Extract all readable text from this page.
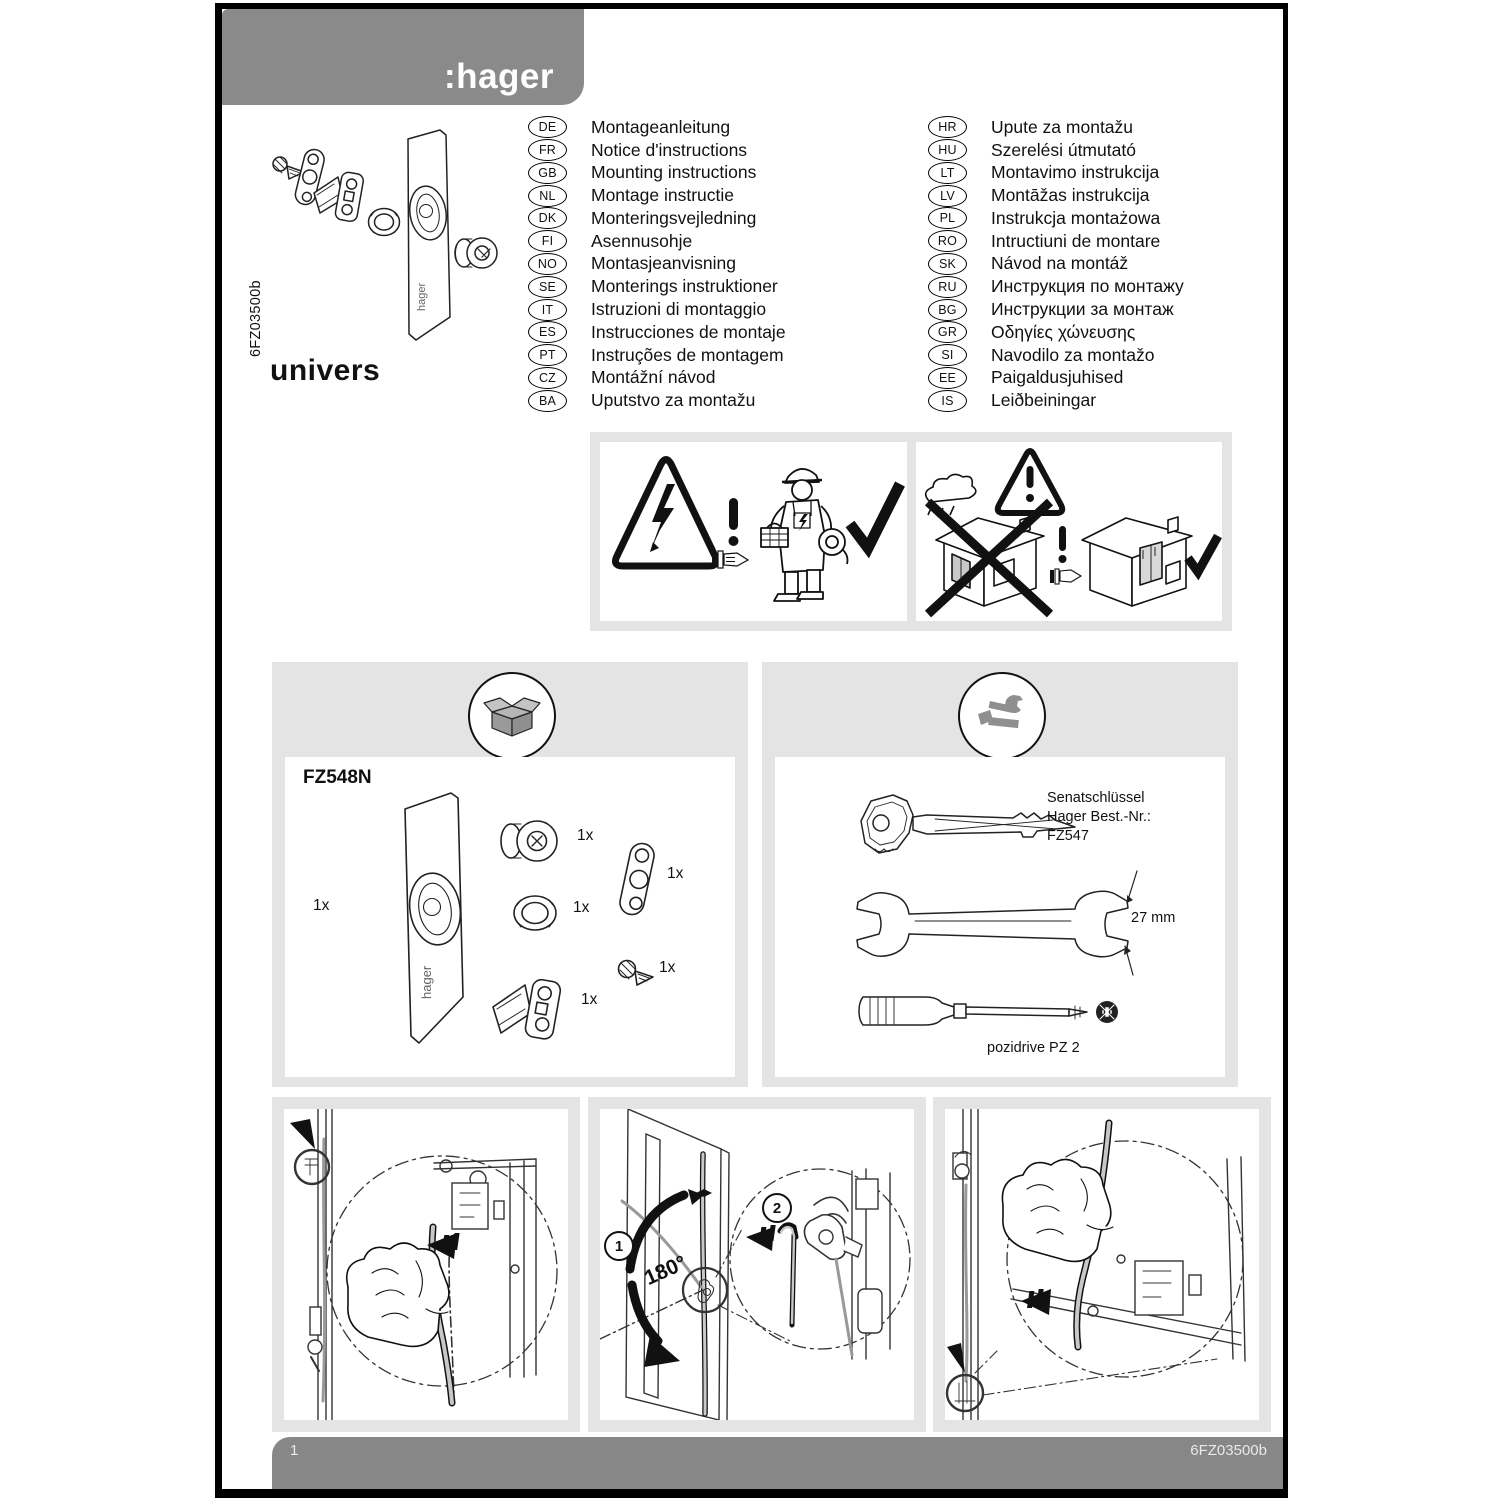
:hager
6FZ03500b	hager
univers
DE	Montageanleitung
FR	Notice d'instructions
GB	Mounting instructions
NL	Montage instructie
DK	Monteringsvejledning
FI	Asennusohje
NO	Montasjeanvisning
SE	Monterings instruktioner
IT	Istruzioni di montaggio
ES	Instrucciones de montaje
PT	Instruções de montagem
CZ	Montážní návod
BA	Uputstvo za montažu
HR	Upute za montažu
HU	Szerelési útmutató
LT	Montavimo instrukcija
LV	Montāžas instrukcija
PL	Instrukcja montażowa
RO	Intructiuni de montare
SK	Návod na montáž
RU	Инструкция по монтажу
BG	Инструкции за монтаж
GR	Οδηγίες χώνευσης
SI	Navodilo za montažo
EE	Paigaldusjuhised
IS	Leiðbeiningar
FZ548N
hager
1x
1x
1x
1x
1x
1x
Senatschlüssel
Hager Best.-Nr.:
FZ547
27 mm
pozidrive PZ 2
1
180°
2
1	6FZ03500b
